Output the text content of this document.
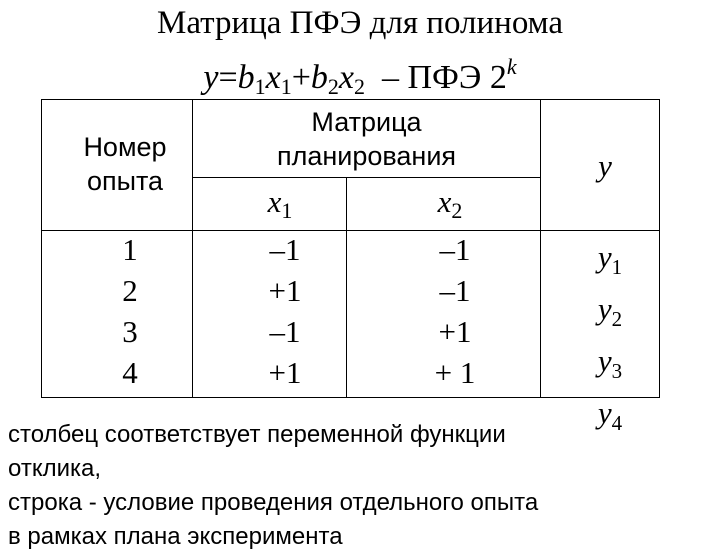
Матрица ПФЭ для полинома
$y=b_1x_1+b_2x_2$ – ПФЭ 2$^k$
Номер
опыта
Матрица
планирования
$x_1$	$x_2$
y
1
2
3
4
–1
+1
–1
+1
–1
–1
+1
+ 1
$y_1$
$y_2$
$y_3$
$y_4$
столбец соответствует переменной функции
отклика,
строка - условие проведения отдельного опыта
в рамках плана эксперимента
